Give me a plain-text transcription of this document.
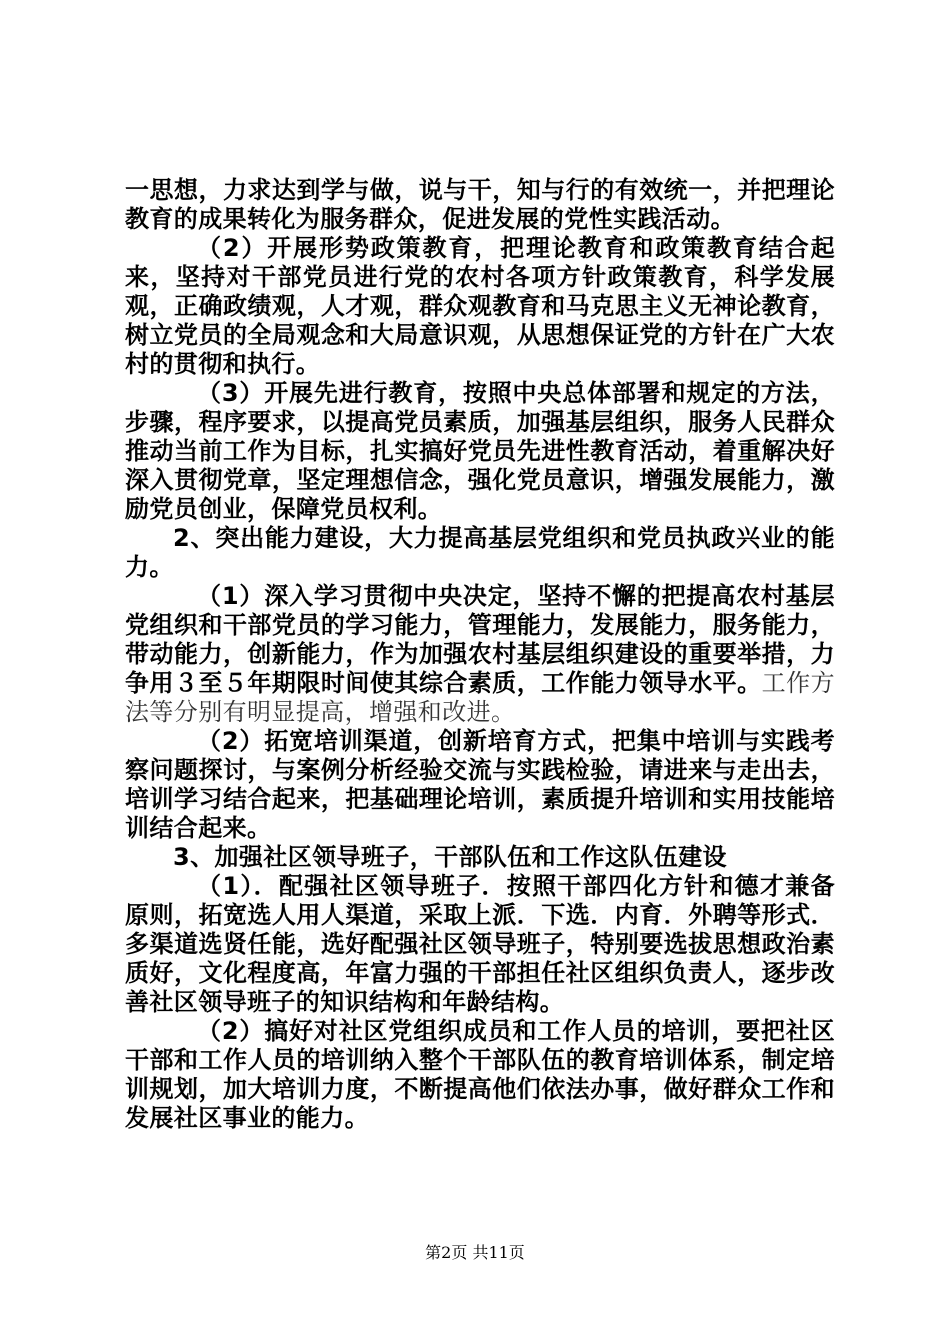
一思想，力求达到学与做，说与干，知与行的有效统一，并把理论教育的成果转化为服务群众，促进发展的党性实践活动。

（2）开展形势政策教育，把理论教育和政策教育结合起来，坚持对干部党员进行党的农村各项方针政策教育，科学发展观，正确政绩观，人才观，群众观教育和马克思主义无神论教育，树立党员的全局观念和大局意识观，从思想保证党的方针在广大农村的贯彻和执行。

（3）开展先进行教育，按照中央总体部署和规定的方法，步骤，程序要求，以提高党员素质，加强基层组织，服务人民群众推动当前工作为目标，扎实搞好党员先进性教育活动，着重解决好深入贯彻党章，坚定理想信念，强化党员意识，增强发展能力，激励党员创业，保障党员权利。

2、突出能力建设，大力提高基层党组织和党员执政兴业的能力。

（1）深入学习贯彻中央决定，坚持不懈的把提高农村基层党组织和干部党员的学习能力，管理能力，发展能力，服务能力，带动能力，创新能力，作为加强农村基层组织建设的重要举措，力争用３至５年期限时间使其综合素质，工作能力领导水平。工作方法等分别有明显提高，增强和改进。

（2）拓宽培训渠道，创新培育方式，把集中培训与实践考察问题探讨，与案例分析经验交流与实践检验，请进来与走出去，培训学习结合起来，把基础理论培训，素质提升培训和实用技能培训结合起来。

3、加强社区领导班子，干部队伍和工作这队伍建设

（1）．配强社区领导班子．按照干部四化方针和德才兼备原则，拓宽选人用人渠道，采取上派．下选．内育．外聘等形式．多渠道选贤任能，选好配强社区领导班子，特别要选拔思想政治素质好，文化程度高，年富力强的干部担任社区组织负责人，逐步改善社区领导班子的知识结构和年龄结构。

（2）搞好对社区党组织成员和工作人员的培训，要把社区干部和工作人员的培训纳入整个干部队伍的教育培训体系，制定培训规划，加大培训力度，不断提高他们依法办事，做好群众工作和发展社区事业的能力。

第2页 共11页
